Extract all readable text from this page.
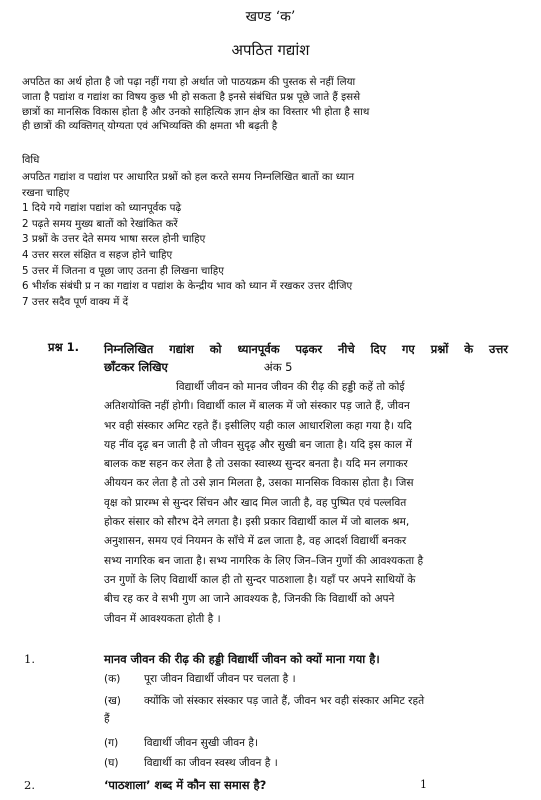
खण्ड ‘क’
अपठित गद्यांश
अपठित का अर्थ होता है जो पढ़ा नहीं गया हो अर्थात जो पाठयक्रम की पुस्तक से नहीं लिया
जाता है पद्यांश व गद्यांश का विषय कुछ भी हो सकता है इनसे संबंधित प्रश्न पूछे जाते हैं इससे
छात्रों का मानसिक विकास होता है और उनको साहित्यिक ज्ञान क्षेत्र का विस्तार भी होता है साथ
ही छात्रों की व्यक्तिगत् योग्यता एवं अभिव्यक्ति की क्षमता भी बढ़ती है
विधि
अपठित गद्यांश व पद्यांश पर आधारित प्रश्नों को हल करते समय निम्नलिखित बातों का ध्यान
रखना चाहिए
1 दिये गये गद्यांश पद्यांश को ध्यानपूर्वक पढ़े
2 पढ़ते समय मुख्य बातों को रेखांकित करें
3 प्रश्नों के उत्तर देते समय भाषा सरल होनी चाहिए
4 उत्तर सरल संक्षित व सहज होने चाहिए
5 उत्तर में जितना व पूछा जाए उतना ही लिखना चाहिए
6 भीर्शक संबंधी प्र न का गद्यांश व पद्यांश के केन्द्रीय भाव को ध्यान में रखकर उत्तर दीजिए
7 उत्तर सदैव पूर्ण वाक्य में दें
प्रश्न 1. निम्नलिखित गद्यांश को ध्यानपूर्वक पढ़कर नीचे दिए गए प्रश्नों के उत्तर
छाँटकर लिखिए	अंक 5
विद्यार्थी जीवन को मानव जीवन की रीढ़ की हड्डी कहें तो कोई
अतिशयोक्ति नहीं होगी। विद्यार्थी काल में बालक में जो संस्कार पड़ जाते हैं, जीवन
भर वही संस्कार अमिट रहते हैं। इसीलिए यही काल आधारशिला कहा गया है। यदि
यह नींव दृढ़ बन जाती है तो जीवन सुदृढ़ और सुखी बन जाता है। यदि इस काल में
बालक कष्ट सहन कर लेता है तो उसका स्वास्थ्य सुन्दर बनता है। यदि मन लगाकर
अीययन कर लेता है तो उसे ज्ञान मिलता है, उसका मानसिक विकास होता है। जिस
वृक्ष को प्रारम्भ से सुन्दर सिंचन और खाद मिल जाती है, वह पुष्पित एवं पल्लवित
होकर संसार को सौरभ देने लगता है। इसी प्रकार विद्यार्थी काल में जो बालक श्रम,
अनुशासन, समय एवं नियमन के साँचे में ढल जाता है, वह आदर्श विद्यार्थी बनकर
सभ्य नागरिक बन जाता है। सभ्य नागरिक के लिए जिन–जिन गुणों की आवश्यकता है
उन गुणों के लिए विद्यार्थी काल ही तो सुन्दर पाठशाला है। यहाँ पर अपने साथियों के
बीच रह कर वे सभी गुण आ जाने आवश्यक है, जिनकी कि विद्यार्थी को अपने
जीवन में आवश्यकता होती है ।
1.	मानव जीवन की रीढ़ की हड्डी विद्यार्थी जीवन को क्यों माना गया है।
(क) पूरा जीवन विद्यार्थी जीवन पर चलता है ।
(ख) क्योंकि जो संस्कार संस्कार पड़ जाते हैं, जीवन भर वही संस्कार अमिट रहते
हैं
(ग) विद्यार्थी जीवन सुखी जीवन है।
(घ) विद्यार्थी का जीवन स्वस्थ जीवन है ।
2.	‘पाठशाला’ शब्द में कौन सा समास है?	1
